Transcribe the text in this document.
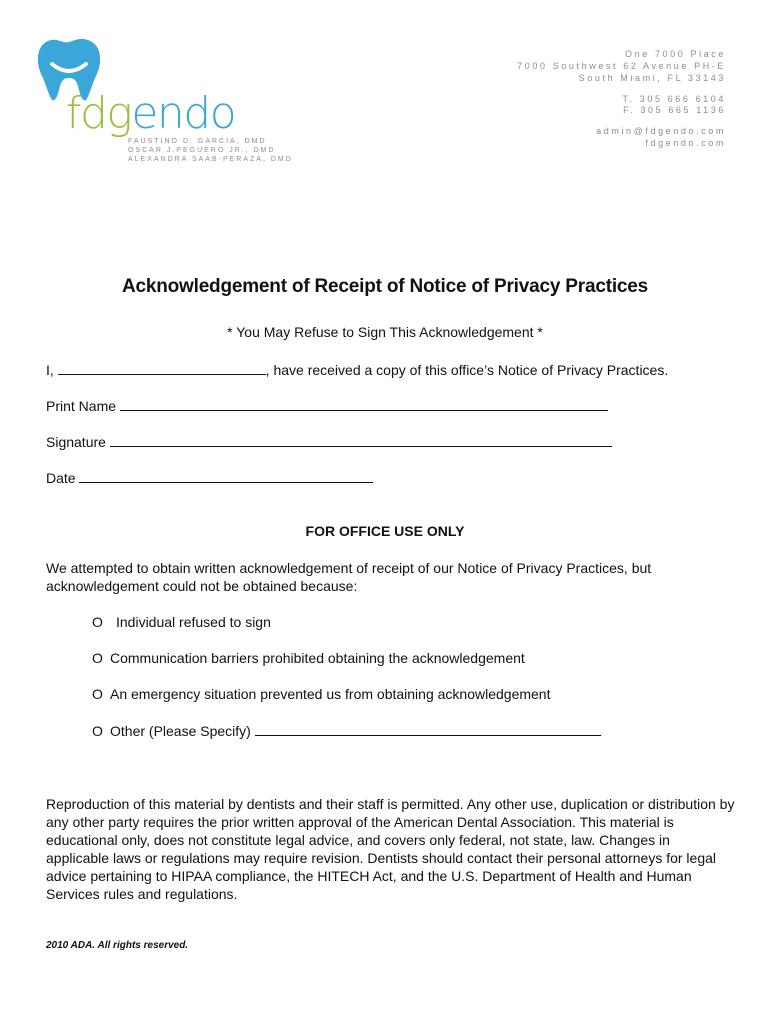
fdgendo
FAUSTINO D. GARCIA, DMD
OSCAR J.PEGUERO JR., DMD
ALEXANDRA SAAB-PERAZA, DMD
One 7000 Place
7000 Southwest 62 Avenue PH-E
South Miami, FL 33143
T. 305 666 6104
F. 305 665 1136
admin@fdgendo.com
fdgendo.com
Acknowledgement of Receipt of Notice of Privacy Practices
* You May Refuse to Sign This Acknowledgement *
I,	, have received a copy of this office’s Notice of Privacy Practices.
Print Name
Signature
Date
FOR OFFICE USE ONLY
We attempted to obtain written acknowledgement of receipt of our Notice of Privacy Practices, but acknowledgement could not be obtained because:
O Individual refused to sign
O Communication barriers prohibited obtaining the acknowledgement
O An emergency situation prevented us from obtaining acknowledgement
O Other (Please Specify)
Reproduction of this material by dentists and their staff is permitted. Any other use, duplication or distribution by any other party requires the prior written approval of the American Dental Association. This material is educational only, does not constitute legal advice, and covers only federal, not state, law. Changes in applicable laws or regulations may require revision. Dentists should contact their personal attorneys for legal advice pertaining to HIPAA compliance, the HITECH Act, and the U.S. Department of Health and Human Services rules and regulations.
2010 ADA. All rights reserved.
